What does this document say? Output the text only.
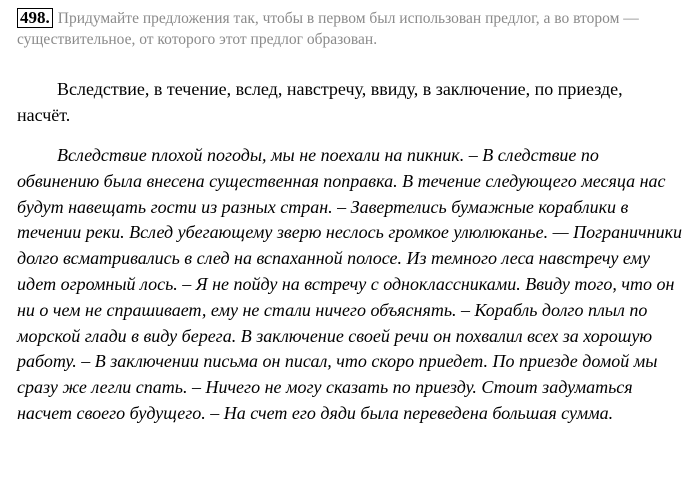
498. Придумайте предложения так, чтобы в первом был использован предлог, а во втором — существительное, от которого этот предлог образован.
Вследствие, в течение, вслед, навстречу, ввиду, в заключение, по приезде, насчёт.
Вследствие плохой погоды, мы не поехали на пикник. – В следствие по обвинению была внесена существенная поправка. В течение следующего месяца нас будут навещать гости из разных стран. – Завертелись бумажные кораблики в течении реки. Вслед убегающему зверю неслось громкое улюлюканье. — Пограничники долго всматривались в след на вспаханной полосе. Из темного леса навстречу ему идет огромный лось. – Я не пойду на встречу с одноклассниками. Ввиду того, что он ни о чем не спрашивает, ему не стали ничего объяснять. – Корабль долго плыл по морской глади в виду берега. В заключение своей речи он похвалил всех за хорошую работу. – В заключении письма он писал, что скоро приедет. По приезде домой мы сразу же легли спать. – Ничего не могу сказать по приезду. Стоит задуматься насчет своего будущего. – На счет его дяди была переведена большая сумма.
